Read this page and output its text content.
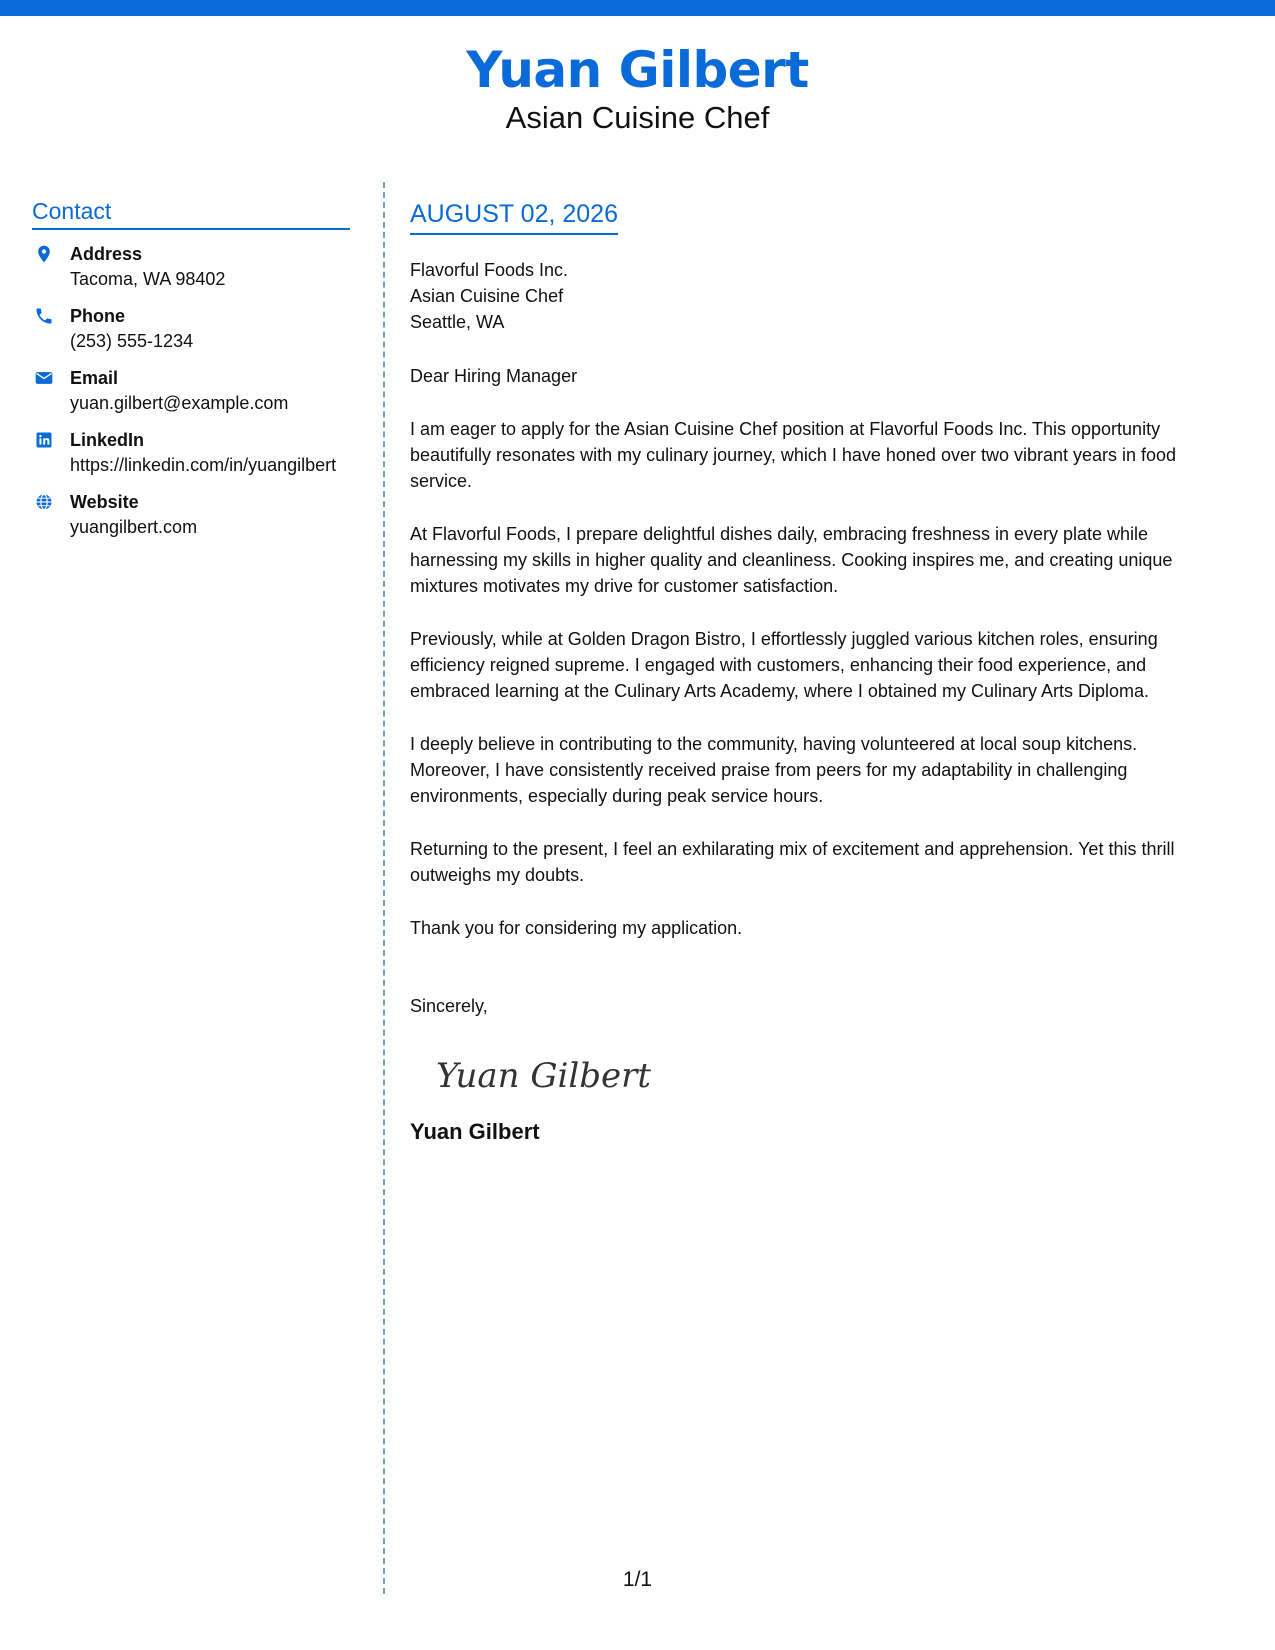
Yuan Gilbert
Asian Cuisine Chef
Contact
Address
Tacoma, WA 98402
Phone
(253) 555-1234
Email
yuan.gilbert@example.com
LinkedIn
https://linkedin.com/in/yuangilbert
Website
yuangilbert.com
AUGUST 02, 2026
Flavorful Foods Inc.
Asian Cuisine Chef
Seattle, WA

Dear Hiring Manager

I am eager to apply for the Asian Cuisine Chef position at Flavorful Foods Inc. This opportunity beautifully resonates with my culinary journey, which I have honed over two vibrant years in food service.

At Flavorful Foods, I prepare delightful dishes daily, embracing freshness in every plate while harnessing my skills in higher quality and cleanliness. Cooking inspires me, and creating unique mixtures motivates my drive for customer satisfaction.

Previously, while at Golden Dragon Bistro, I effortlessly juggled various kitchen roles, ensuring efficiency reigned supreme. I engaged with customers, enhancing their food experience, and embraced learning at the Culinary Arts Academy, where I obtained my Culinary Arts Diploma.

I deeply believe in contributing to the community, having volunteered at local soup kitchens. Moreover, I have consistently received praise from peers for my adaptability in challenging environments, especially during peak service hours.

Returning to the present, I feel an exhilarating mix of excitement and apprehension. Yet this thrill outweighs my doubts.

Thank you for considering my application.

Sincerely,
Yuan Gilbert
Yuan Gilbert
1/1
